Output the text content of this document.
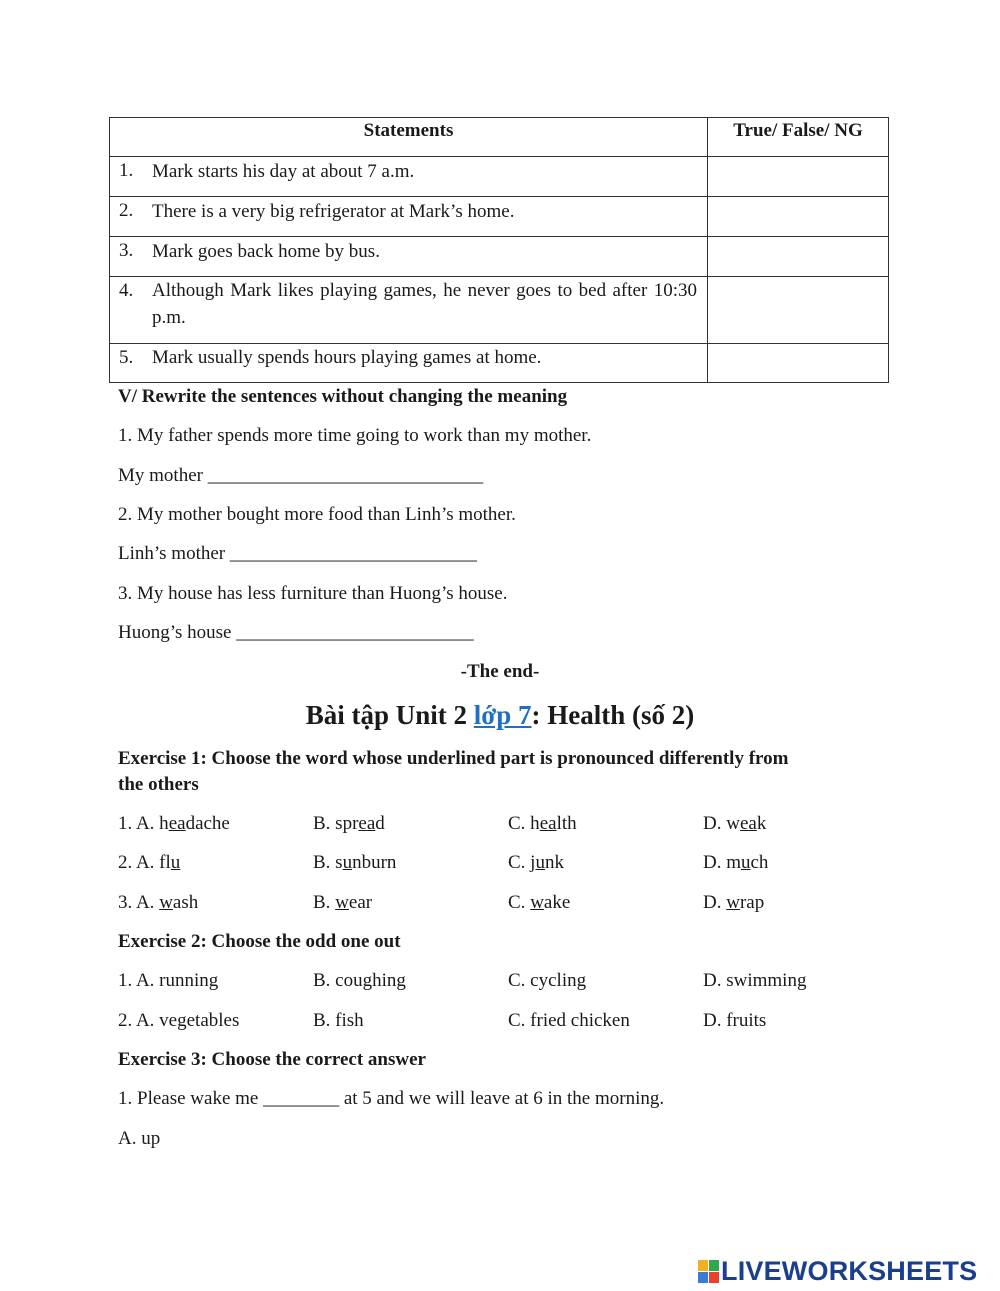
Statements	True/ False/ NG

1. Mark starts his day at about 7 a.m.	

2. There is a very big refrigerator at Mark’s home.	

3. Mark goes back home by bus.	

4. Although Mark likes playing games, he never goes to bed after 10:30 p.m.	

5. Mark usually spends hours playing games at home.	

V/ Rewrite the sentences without changing the meaning
1. My father spends more time going to work than my mother.
My mother _____________________________
2. My mother bought more food than Linh’s mother.
Linh’s mother __________________________
3. My house has less furniture than Huong’s house.
Huong’s house _________________________
-The end-
Bài tập Unit 2 lớp 7: Health (số 2)
Exercise 1: Choose the word whose underlined part is pronounced differently from
the others
1. A. headache	B. spread	C. health	D. weak
2. A. flu	B. sunburn	C. junk	D. much
3. A. wash	B. wear	C. wake	D. wrap
Exercise 2: Choose the odd one out
1. A. running	B. coughing	C. cycling	D. swimming
2. A. vegetables	B. fish	C. fried chicken	D. fruits
Exercise 3: Choose the correct answer
1. Please wake me ________ at 5 and we will leave at 6 in the morning.
A. up
LIVEWORKSHEETS
